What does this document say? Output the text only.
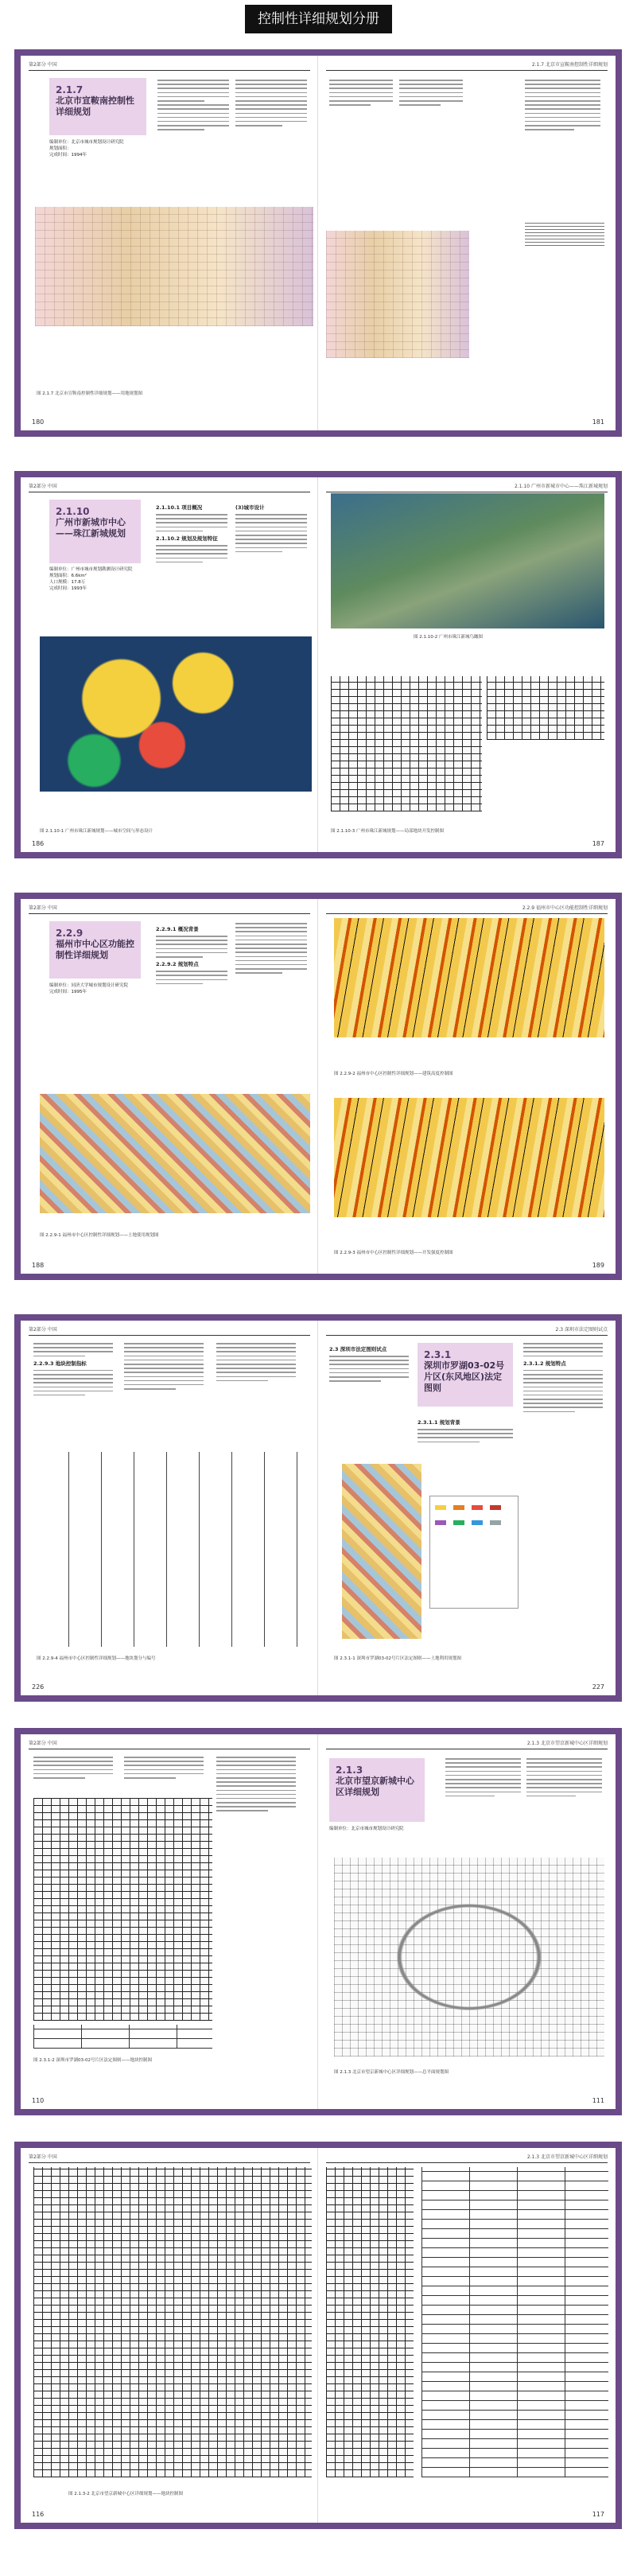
控制性详细规划分册
第2部分 中国
2.1.7
北京市宣鞍南控制性详细规划
编制单位：北京市城市规划设计研究院
规划面积：
完成时间：1994年
图 2.1.7 北京市宣鞍南控制性详细规划——用地规划图
180
2.1.7 北京市宣鞍南控制性详细规划
181
第2部分 中国
2.1.10
广州市新城市中心——珠江新城规划
编制单位：广州市城市规划勘测设计研究院
规划面积：6.6km²
人口规模：17.8万
完成时间：1993年
2.1.10.1 项目概况
2.1.10.2 规划及规划特征
(3)城市设计
图 2.1.10-1 广州市珠江新城规划——城市空间与形态设计
186
2.1.10 广州市新城市中心——珠江新城规划
图 2.1.10-2 广州市珠江新城鸟瞰图
图 2.1.10-3 广州市珠江新城规划——局部地块开发控制图
187
第2部分 中国
2.2.9
福州市中心区功能控制性详细规划
编制单位：同济大学城市规划设计研究院
完成时间：1995年
2.2.9.1 概况背景
2.2.9.2 规划特点
图 2.2.9-1 福州市中心区控制性详细规划——土地使用规划图
188
2.2.9 福州市中心区功能控制性详细规划
图 2.2.9-2 福州市中心区控制性详细规划——建筑高度控制图
图 2.2.9-3 福州市中心区控制性详细规划——开发强度控制图
189
第2部分 中国
2.2.9.3 地块控制指标
图 2.2.9-4 福州市中心区控制性详细规划——地块划分与编号
226
2.3 深圳市法定图则试点
2.3 深圳市法定图则试点	2.3.1
深圳市罗湖03-02号片区(东风地区)法定图则
2.3.1.1 规划背景
2.3.1.2 规划特点

图 2.3.1-1 深圳市罗湖03-02号片区法定图则——土地利用规划图
227
第2部分 中国
图 2.3.1-2 深圳市罗湖03-02号片区法定图则——地块控制图
110
2.1.3 北京市望京新城中心区详细规划
2.1.3
北京市望京新城中心区详细规划
编制单位：北京市城市规划设计研究院
图 2.1.3 北京市望京新城中心区详细规划——总平面规划图
111
第2部分 中国
图 2.1.3-2 北京市望京新城中心区详细规划——地块控制图
116
2.1.3 北京市望京新城中心区详细规划
117
